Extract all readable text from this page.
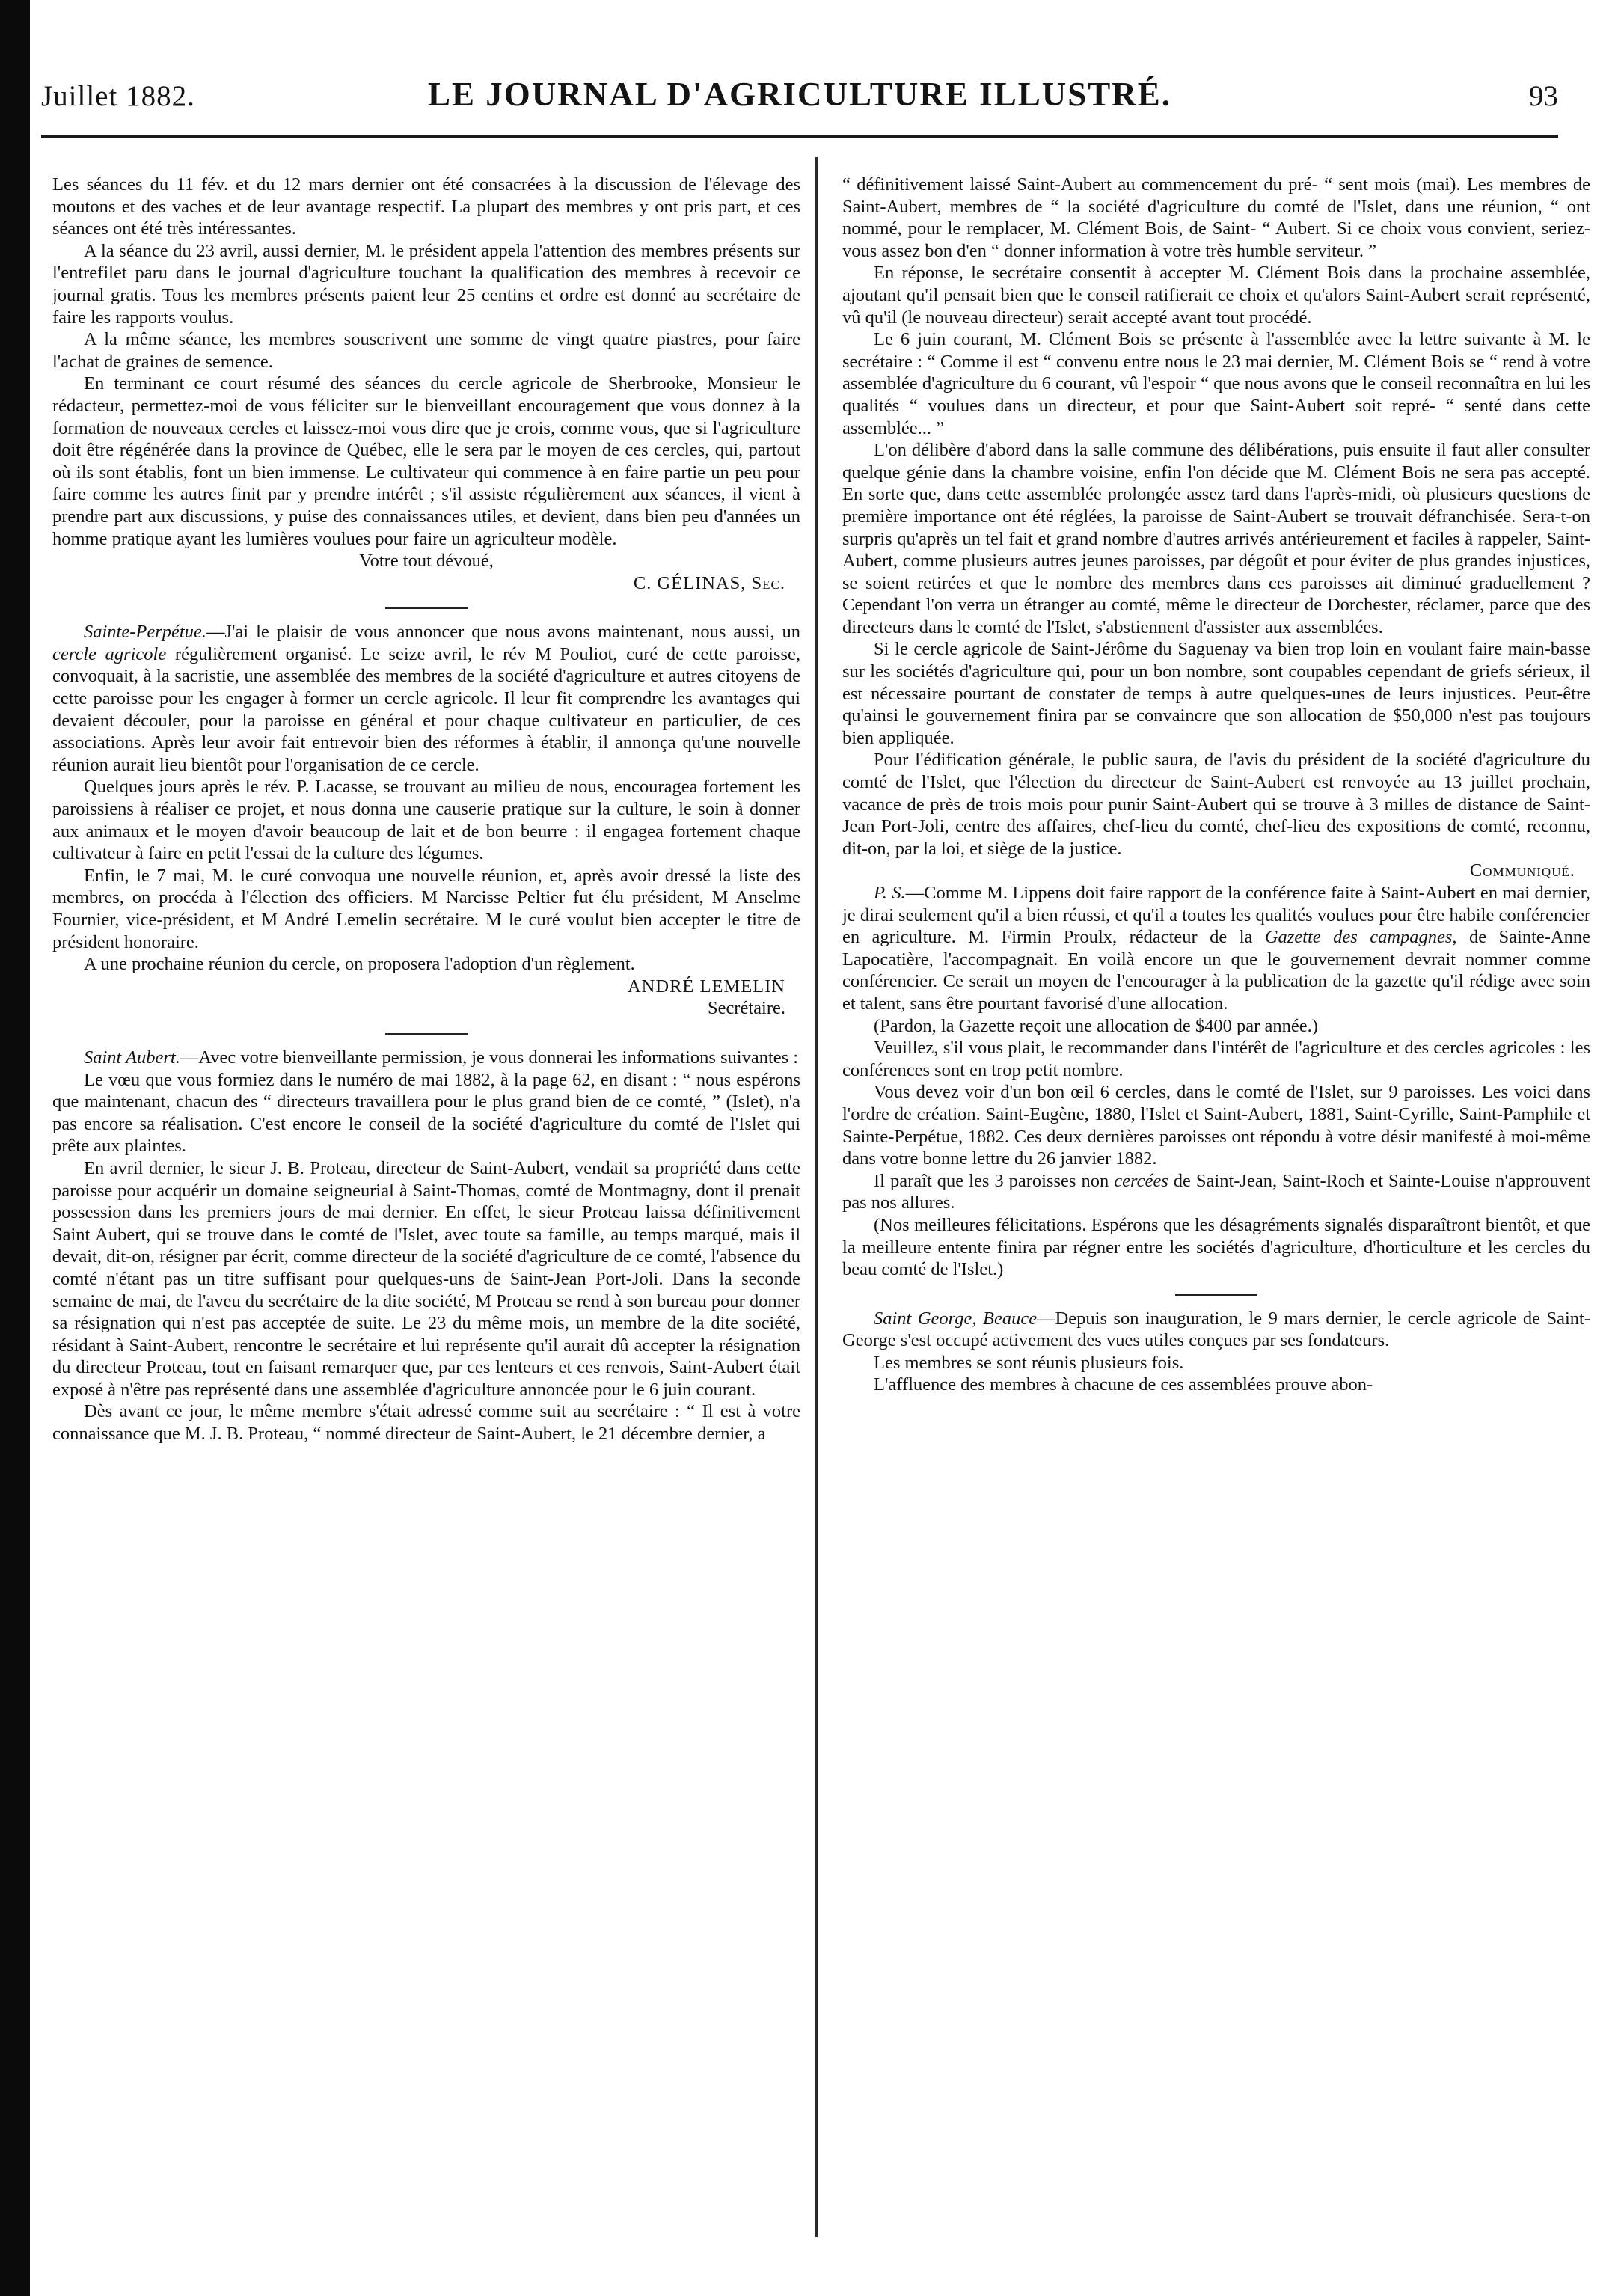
Juillet 1882.	LE JOURNAL D'AGRICULTURE ILLUSTRÉ.	93

Les séances du 11 fév. et du 12 mars dernier ont été consacrées à la discussion de l'élevage des moutons et des vaches et de leur avantage respectif. La plupart des membres y ont pris part, et ces séances ont été très intéressantes.

A la séance du 23 avril, aussi dernier, M. le président appela l'attention des membres présents sur l'entrefilet paru dans le journal d'agriculture touchant la qualification des membres à recevoir ce journal gratis. Tous les membres présents paient leur 25 centins et ordre est donné au secrétaire de faire les rapports voulus.

A la même séance, les membres souscrivent une somme de vingt quatre piastres, pour faire l'achat de graines de semence.

En terminant ce court résumé des séances du cercle agricole de Sherbrooke, Monsieur le rédacteur, permettez-moi de vous féliciter sur le bienveillant encouragement que vous donnez à la formation de nouveaux cercles et laissez-moi vous dire que je crois, comme vous, que si l'agriculture doit être régénérée dans la province de Québec, elle le sera par le moyen de ces cercles, qui, partout où ils sont établis, font un bien immense. Le cultivateur qui commence à en faire partie un peu pour faire comme les autres finit par y prendre intérêt ; s'il assiste régulièrement aux séances, il vient à prendre part aux discussions, y puise des connaissances utiles, et devient, dans bien peu d'années un homme pratique ayant les lumières voulues pour faire un agriculteur modèle.

Votre tout dévoué,

C. GÉLINAS, Sec.

Sainte-Perpétue.—J'ai le plaisir de vous annoncer que nous avons maintenant, nous aussi, un cercle agricole régulièrement organisé. Le seize avril, le rév M Pouliot, curé de cette paroisse, convoquait, à la sacristie, une assemblée des membres de la société d'agriculture et autres citoyens de cette paroisse pour les engager à former un cercle agricole. Il leur fit comprendre les avantages qui devaient découler, pour la paroisse en général et pour chaque cultivateur en particulier, de ces associations. Après leur avoir fait entrevoir bien des réformes à établir, il annonça qu'une nouvelle réunion aurait lieu bientôt pour l'organisation de ce cercle.

Quelques jours après le rév. P. Lacasse, se trouvant au milieu de nous, encouragea fortement les paroissiens à réaliser ce projet, et nous donna une causerie pratique sur la culture, le soin à donner aux animaux et le moyen d'avoir beaucoup de lait et de bon beurre : il engagea fortement chaque cultivateur à faire en petit l'essai de la culture des légumes.

Enfin, le 7 mai, M. le curé convoqua une nouvelle réunion, et, après avoir dressé la liste des membres, on procéda à l'élection des officiers. M Narcisse Peltier fut élu président, M Anselme Fournier, vice-président, et M André Lemelin secrétaire. M le curé voulut bien accepter le titre de président honoraire.

A une prochaine réunion du cercle, on proposera l'adoption d'un règlement.

ANDRÉ LEMELIN

Secrétaire.

Saint Aubert.—Avec votre bienveillante permission, je vous donnerai les informations suivantes :

Le vœu que vous formiez dans le numéro de mai 1882, à la page 62, en disant : “ nous espérons que maintenant, chacun des “ directeurs travaillera pour le plus grand bien de ce comté, ” (Islet), n'a pas encore sa réalisation. C'est encore le conseil de la société d'agriculture du comté de l'Islet qui prête aux plaintes.

En avril dernier, le sieur J. B. Proteau, directeur de Saint-Aubert, vendait sa propriété dans cette paroisse pour acquérir un domaine seigneurial à Saint-Thomas, comté de Montmagny, dont il prenait possession dans les premiers jours de mai dernier. En effet, le sieur Proteau laissa définitivement Saint Aubert, qui se trouve dans le comté de l'Islet, avec toute sa famille, au temps marqué, mais il devait, dit-on, résigner par écrit, comme directeur de la société d'agriculture de ce comté, l'absence du comté n'étant pas un titre suffisant pour quelques-uns de Saint-Jean Port-Joli. Dans la seconde semaine de mai, de l'aveu du secrétaire de la dite société, M Proteau se rend à son bureau pour donner sa résignation qui n'est pas acceptée de suite. Le 23 du même mois, un membre de la dite société, résidant à Saint-Aubert, rencontre le secrétaire et lui représente qu'il aurait dû accepter la résignation du directeur Proteau, tout en faisant remarquer que, par ces lenteurs et ces renvois, Saint-Aubert était exposé à n'être pas représenté dans une assemblée d'agriculture annoncée pour le 6 juin courant.

Dès avant ce jour, le même membre s'était adressé comme suit au secrétaire : “ Il est à votre connaissance que M. J. B. Proteau, “ nommé directeur de Saint-Aubert, le 21 décembre dernier, a

“ définitivement laissé Saint-Aubert au commencement du pré- “ sent mois (mai). Les membres de Saint-Aubert, membres de “ la société d'agriculture du comté de l'Islet, dans une réunion, “ ont nommé, pour le remplacer, M. Clément Bois, de Saint- “ Aubert. Si ce choix vous convient, seriez-vous assez bon d'en “ donner information à votre très humble serviteur. ”

En réponse, le secrétaire consentit à accepter M. Clément Bois dans la prochaine assemblée, ajoutant qu'il pensait bien que le conseil ratifierait ce choix et qu'alors Saint-Aubert serait représenté, vû qu'il (le nouveau directeur) serait accepté avant tout procédé.

Le 6 juin courant, M. Clément Bois se présente à l'assemblée avec la lettre suivante à M. le secrétaire : “ Comme il est “ convenu entre nous le 23 mai dernier, M. Clément Bois se “ rend à votre assemblée d'agriculture du 6 courant, vû l'espoir “ que nous avons que le conseil reconnaîtra en lui les qualités “ voulues dans un directeur, et pour que Saint-Aubert soit repré- “ senté dans cette assemblée... ”

L'on délibère d'abord dans la salle commune des délibérations, puis ensuite il faut aller consulter quelque génie dans la chambre voisine, enfin l'on décide que M. Clément Bois ne sera pas accepté. En sorte que, dans cette assemblée prolongée assez tard dans l'après-midi, où plusieurs questions de première importance ont été réglées, la paroisse de Saint-Aubert se trouvait défranchisée. Sera-t-on surpris qu'après un tel fait et grand nombre d'autres arrivés antérieurement et faciles à rappeler, Saint-Aubert, comme plusieurs autres jeunes paroisses, par dégoût et pour éviter de plus grandes injustices, se soient retirées et que le nombre des membres dans ces paroisses ait diminué graduellement ? Cependant l'on verra un étranger au comté, même le directeur de Dorchester, réclamer, parce que des directeurs dans le comté de l'Islet, s'abstiennent d'assister aux assemblées.

Si le cercle agricole de Saint-Jérôme du Saguenay va bien trop loin en voulant faire main-basse sur les sociétés d'agriculture qui, pour un bon nombre, sont coupables cependant de griefs sérieux, il est nécessaire pourtant de constater de temps à autre quelques-unes de leurs injustices. Peut-être qu'ainsi le gouvernement finira par se convaincre que son allocation de $50,000 n'est pas toujours bien appliquée.

Pour l'édification générale, le public saura, de l'avis du président de la société d'agriculture du comté de l'Islet, que l'élection du directeur de Saint-Aubert est renvoyée au 13 juillet prochain, vacance de près de trois mois pour punir Saint-Aubert qui se trouve à 3 milles de distance de Saint-Jean Port-Joli, centre des affaires, chef-lieu du comté, chef-lieu des expositions de comté, reconnu, dit-on, par la loi, et siège de la justice.

Communiqué.

P. S.—Comme M. Lippens doit faire rapport de la conférence faite à Saint-Aubert en mai dernier, je dirai seulement qu'il a bien réussi, et qu'il a toutes les qualités voulues pour être habile conférencier en agriculture. M. Firmin Proulx, rédacteur de la Gazette des campagnes, de Sainte-Anne Lapocatière, l'accompagnait. En voilà encore un que le gouvernement devrait nommer comme conférencier. Ce serait un moyen de l'encourager à la publication de la gazette qu'il rédige avec soin et talent, sans être pourtant favorisé d'une allocation.

(Pardon, la Gazette reçoit une allocation de $400 par année.)

Veuillez, s'il vous plait, le recommander dans l'intérêt de l'agriculture et des cercles agricoles : les conférences sont en trop petit nombre.

Vous devez voir d'un bon œil 6 cercles, dans le comté de l'Islet, sur 9 paroisses. Les voici dans l'ordre de création. Saint-Eugène, 1880, l'Islet et Saint-Aubert, 1881, Saint-Cyrille, Saint-Pamphile et Sainte-Perpétue, 1882. Ces deux dernières paroisses ont répondu à votre désir manifesté à moi-même dans votre bonne lettre du 26 janvier 1882.

Il paraît que les 3 paroisses non cercées de Saint-Jean, Saint-Roch et Sainte-Louise n'approuvent pas nos allures.

(Nos meilleures félicitations. Espérons que les désagréments signalés disparaîtront bientôt, et que la meilleure entente finira par régner entre les sociétés d'agriculture, d'horticulture et les cercles du beau comté de l'Islet.)

Saint George, Beauce—Depuis son inauguration, le 9 mars dernier, le cercle agricole de Saint-George s'est occupé activement des vues utiles conçues par ses fondateurs.

Les membres se sont réunis plusieurs fois.

L'affluence des membres à chacune de ces assemblées prouve abon-
